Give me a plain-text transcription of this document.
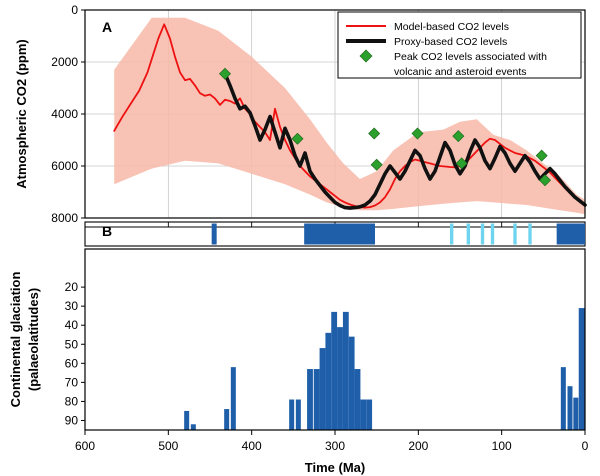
8000
6000
4000
2000
0
A
B
20
30
40
50
60
70
80
90
600	500	400	300	200	100	0
Model-based CO2 levels
Proxy-based CO2 levels
Peak CO2 levels associated with
volcanic and asteroid events
Atmospheric CO2 (ppm)
Continental glaciation (palaeolatitudes)
Time (Ma)
